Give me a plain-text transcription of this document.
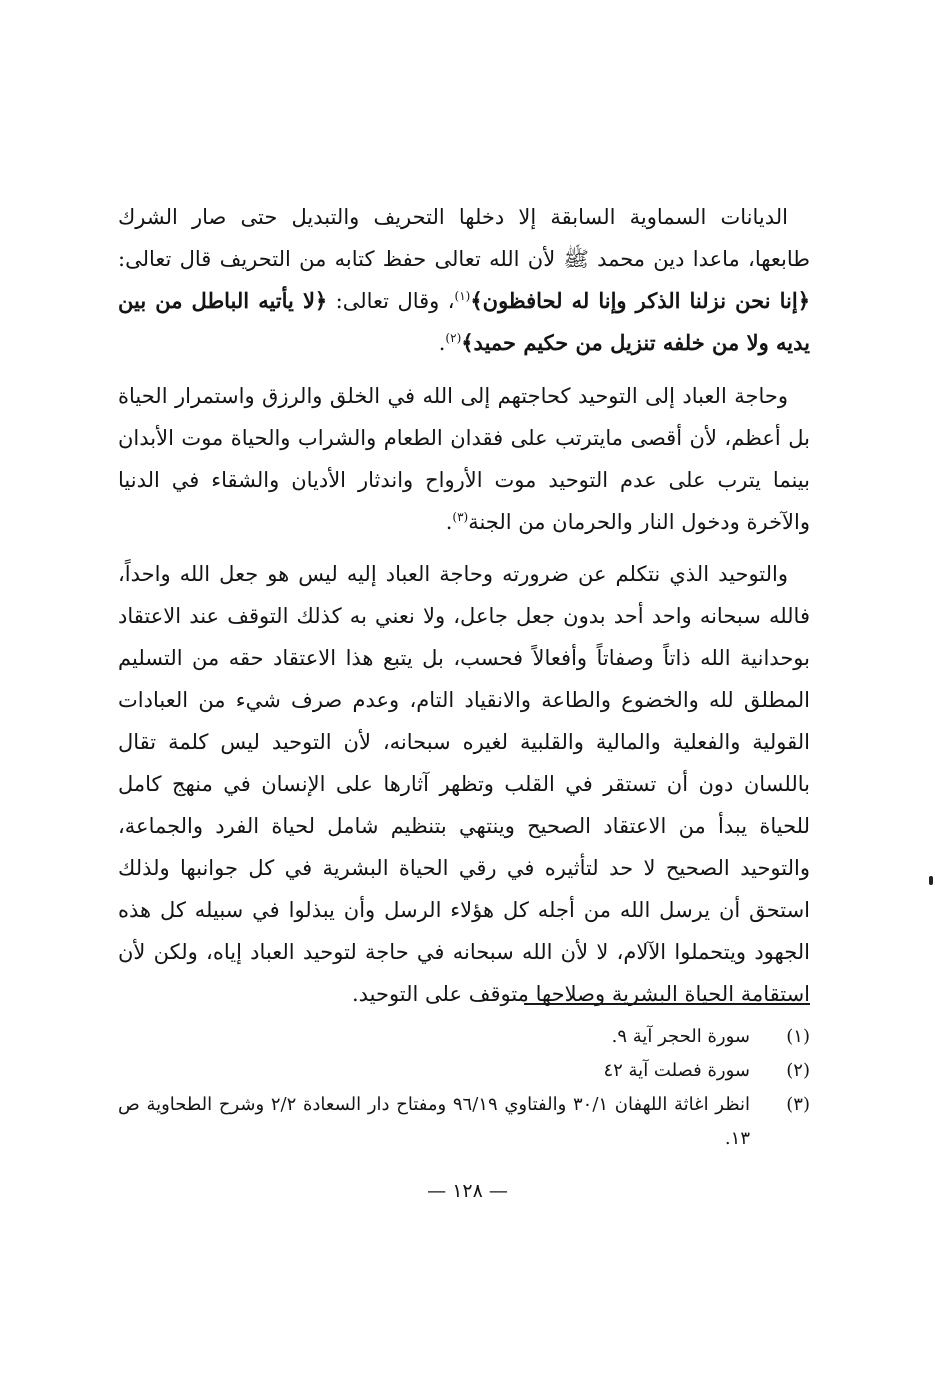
الديانات السماوية السابقة إلا دخلها التحريف والتبديل حتى صار الشرك طابعها، ماعدا دين محمد ﷺ لأن الله تعالى حفظ كتابه من التحريف قال تعالى: ﴿إنا نحن نزلنا الذكر وإنا له لحافظون﴾$^{(١)}$، وقال تعالى: ﴿لا يأتيه الباطل من بين يديه ولا من خلفه تنزيل من حكيم حميد﴾$^{(٢)}$.

وحاجة العباد إلى التوحيد كحاجتهم إلى الله في الخلق والرزق واستمرار الحياة بل أعظم، لأن أقصى مايترتب على فقدان الطعام والشراب والحياة موت الأبدان بينما يترب على عدم التوحيد موت الأرواح واندثار الأديان والشقاء في الدنيا والآخرة ودخول النار والحرمان من الجنة$^{(٣)}$.

والتوحيد الذي نتكلم عن ضرورته وحاجة العباد إليه ليس هو جعل الله واحداً، فالله سبحانه واحد أحد بدون جعل جاعل، ولا نعني به كذلك التوقف عند الاعتقاد بوحدانية الله ذاتاً وصفاتاً وأفعالاً فحسب، بل يتبع هذا الاعتقاد حقه من التسليم المطلق لله والخضوع والطاعة والانقياد التام، وعدم صرف شيء من العبادات القولية والفعلية والمالية والقلبية لغيره سبحانه، لأن التوحيد ليس كلمة تقال باللسان دون أن تستقر في القلب وتظهر آثارها على الإنسان في منهج كامل للحياة يبدأ من الاعتقاد الصحيح وينتهي بتنظيم شامل لحياة الفرد والجماعة، والتوحيد الصحيح لا حد لتأثيره في رقي الحياة البشرية في كل جوانبها ولذلك استحق أن يرسل الله من أجله كل هؤلاء الرسل وأن يبذلوا في سبيله كل هذه الجهود ويتحملوا الآلام، لا لأن الله سبحانه في حاجة لتوحيد العباد إياه، ولكن لأن استقامة الحياة البشرية وصلاحها متوقف على التوحيد.

(١)
سورة الحجر آية ٩.
(٢)
سورة فصلت آية ٤٢
(٣)
انظر اغاثة اللهفان ٣٠/١ والفتاوي ٩٦/١٩ ومفتاح دار السعادة ٢/٢ وشرح الطحاوية ص ١٣.
— ١٢٨ —
